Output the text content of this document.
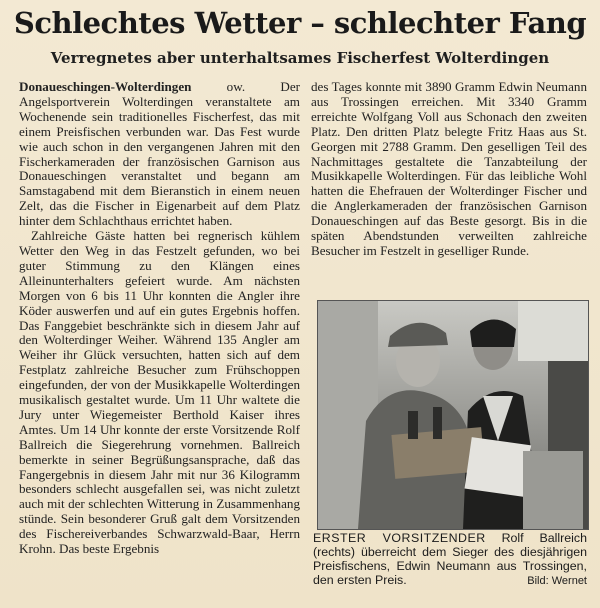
Schlechtes Wetter – schlechter Fang
Verregnetes aber unterhaltsames Fischerfest Wolterdingen

Donaueschingen-Wolterdingen ow. Der Angelsportverein Wolterdingen veranstaltete am Wochenende sein traditionelles Fischerfest, das mit einem Preisfischen verbunden war. Das Fest wurde wie auch schon in den vergangenen Jahren mit den Fischerkameraden der französischen Garnison aus Donaueschingen veranstaltet und begann am Samstagabend mit dem Bieranstich in einem neuen Zelt, das die Fischer in Eigenarbeit auf dem Platz hinter dem Schlachthaus errichtet haben.

Zahlreiche Gäste hatten bei regnerisch kühlem Wetter den Weg in das Festzelt gefunden, wo bei guter Stimmung zu den Klängen eines Alleinunterhalters gefeiert wurde. Am nächsten Morgen von 6 bis 11 Uhr konnten die Angler ihre Köder auswerfen und auf ein gutes Ergebnis hoffen. Das Fanggebiet beschränkte sich in diesem Jahr auf den Wolterdinger Weiher. Während 135 Angler am Weiher ihr Glück versuchten, hatten sich auf dem Festplatz zahlreiche Besucher zum Frühschoppen eingefunden, der von der Musikkapelle Wolterdingen musikalisch gestaltet wurde. Um 11 Uhr waltete die Jury unter Wiegemeister Berthold Kaiser ihres Amtes. Um 14 Uhr konnte der erste Vorsitzende Rolf Ballreich die Siegerehrung vornehmen. Ballreich bemerkte in seiner Begrüßungsansprache, daß das Fangergebnis in diesem Jahr mit nur 36 Kilogramm besonders schlecht ausgefallen sei, was nicht zuletzt auch mit der schlechten Witterung in Zusammenhang stünde. Sein besonderer Gruß galt dem Vorsitzenden des Fischereiverbandes Schwarzwald-Baar, Herrn Krohn. Das beste Ergebnis

des Tages konnte mit 3890 Gramm Edwin Neumann aus Trossingen erreichen. Mit 3340 Gramm erreichte Wolfgang Voll aus Schonach den zweiten Platz. Den dritten Platz belegte Fritz Haas aus St. Georgen mit 2788 Gramm. Den geselligen Teil des Nachmittages gestaltete die Tanzabteilung der Musikkapelle Wolterdingen. Für das leibliche Wohl hatten die Ehefrauen der Wolterdinger Fischer und die Anglerkameraden der französischen Garnison Donaueschingen auf das Beste gesorgt. Bis in die späten Abendstunden verweilten zahlreiche Besucher im Festzelt in geselliger Runde.

ERSTER VORSITZENDER Rolf Ballreich (rechts) überreicht dem Sieger des diesjährigen Preisfischens, Edwin Neumann aus Trossingen, den ersten Preis.	Bild: Wernet
